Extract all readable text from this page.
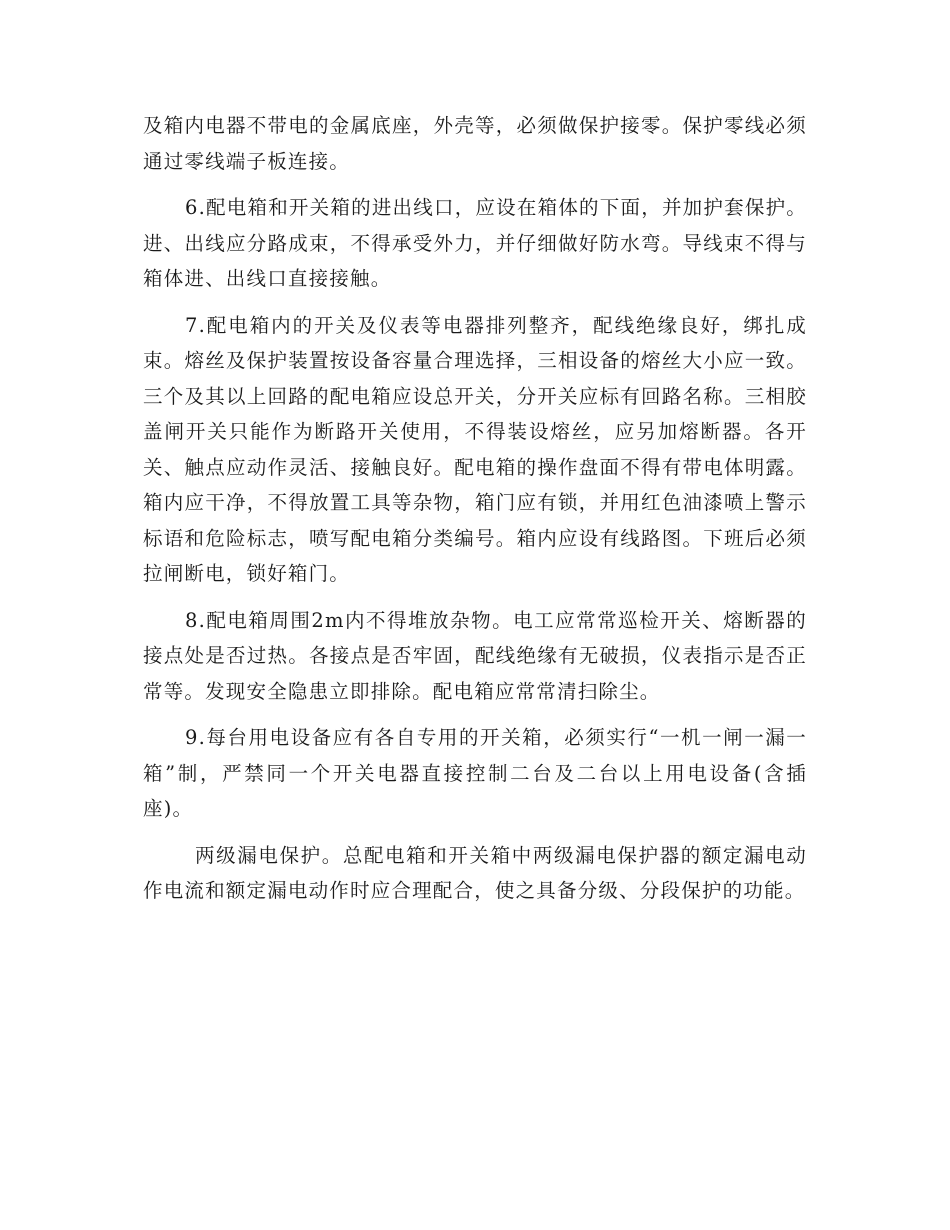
及箱内电器不带电的金属底座，外壳等，必须做保护接零。保护零线必须通过零线端子板连接。

6.配电箱和开关箱的进出线口，应设在箱体的下面，并加护套保护。进、出线应分路成束，不得承受外力，并仔细做好防水弯。导线束不得与箱体进、出线口直接接触。

7.配电箱内的开关及仪表等电器排列整齐，配线绝缘良好，绑扎成束。熔丝及保护装置按设备容量合理选择，三相设备的熔丝大小应一致。三个及其以上回路的配电箱应设总开关，分开关应标有回路名称。三相胶盖闸开关只能作为断路开关使用，不得装设熔丝，应另加熔断器。各开关、触点应动作灵活、接触良好。配电箱的操作盘面不得有带电体明露。箱内应干净，不得放置工具等杂物，箱门应有锁，并用红色油漆喷上警示标语和危险标志，喷写配电箱分类编号。箱内应设有线路图。下班后必须拉闸断电，锁好箱门。

8.配电箱周围2m内不得堆放杂物。电工应常常巡检开关、熔断器的接点处是否过热。各接点是否牢固，配线绝缘有无破损，仪表指示是否正常等。发现安全隐患立即排除。配电箱应常常清扫除尘。

9.每台用电设备应有各自专用的开关箱，必须实行“一机一闸一漏一箱”制，严禁同一个开关电器直接控制二台及二台以上用电设备(含插座)。

两级漏电保护。总配电箱和开关箱中两级漏电保护器的额定漏电动作电流和额定漏电动作时应合理配合，使之具备分级、分段保护的功能。
